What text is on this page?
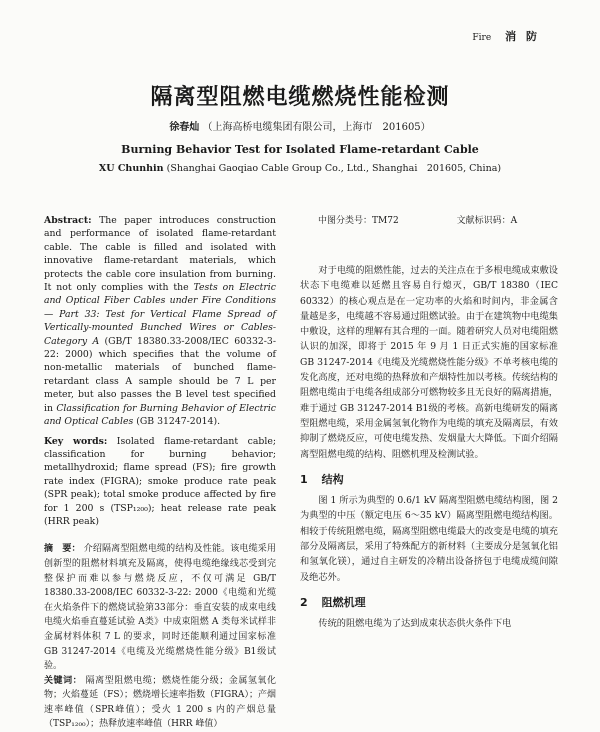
Fire 消 防
隔离型阻燃电缆燃烧性能检测
徐春灿 （上海高桥电缆集团有限公司，上海市　201605）
Burning Behavior Test for Isolated Flame-retardant Cable
XU Chunhin (Shanghai Gaoqiao Cable Group Co., Ltd., Shanghai　201605, China)

Abstract: The paper introduces construction and performance of isolated flame-retardant cable. The cable is filled and isolated with innovative flame-retardant materials, which protects the cable core insulation from burning. It not only complies with the Tests on Electric and Optical Fiber Cables under Fire Conditions — Part 33: Test for Vertical Flame Spread of Vertically-mounted Bunched Wires or Cables- Category A (GB/T 18380.33-2008/IEC 60332-3-22: 2000) which specifies that the volume of non-metallic materials of bunched flame-retardant class A sample should be 7 L per meter, but also passes the B level test specified in Classification for Burning Behavior of Electric and Optical Cables (GB 31247-2014).

Key words: Isolated flame-retardant cable; classification for burning behavior; metallhydroxid; flame spread (FS); fire growth rate index (FIGRA); smoke produce rate peak (SPR peak); total smoke produce affected by fire for 1 200 s (TSP₁₂₀₀); heat release rate peak (HRR peak)

摘　要： 介绍隔离型阻燃电缆的结构及性能。该电缆采用创新型的阻燃材料填充及隔离，使得电缆绝缘线芯受到完整保护而难以参与燃烧反应，不仅可满足 GB/T 18380.33-2008/IEC 60332-3-22: 2000《电缆和光缆在火焰条件下的燃烧试验第33部分：垂直安装的成束电线电缆火焰垂直蔓延试验 A类》中成束阻燃 A 类每米试样非金属材料体积 7 L 的要求，同时还能顺利通过国家标准 GB 31247-2014《电缆及光缆燃烧性能分级》B1级试验。

关键词： 隔离型阻燃电缆；燃烧性能分级；金属氢氧化物；火焰蔓延（FS）；燃烧增长速率指数（FIGRA）；产烟速率峰值（SPR峰值）；受火 1 200 s 内的产烟总量（TSP₁₂₀₀）；热释放速率峰值（HRR 峰值）

中图分类号：TM72	文献标识码：A

对于电缆的阻燃性能，过去的关注点在于多根电缆成束敷设状态下电缆难以延燃且容易自行熄灭，GB/T 18380（IEC 60332）的核心观点是在一定功率的火焰和时间内，非金属含量越是多，电缆越不容易通过阻燃试验。由于在建筑物中电缆集中敷设，这样的理解有其合理的一面。随着研究人员对电缆阻燃认识的加深，即将于 2015 年 9 月 1 日正式实施的国家标准 GB 31247-2014《电缆及光缆燃烧性能分级》不单考核电缆的发化高度，还对电缆的热释放和产烟特性加以考核。传统结构的阻燃电缆由于电缆各组成部分可燃物较多且无良好的隔离措施，难于通过 GB 31247-2014 B1级的考核。高新电缆研发的隔离型阻燃电缆，采用金属氢氧化物作为电缆的填充及隔离层，有效抑制了燃烧反应，可使电缆发热、发烟量大大降低。下面介绍隔离型阻燃电缆的结构、阻燃机理及检测试验。

1 结构

图 1 所示为典型的 0.6/1 kV 隔离型阻燃电缆结构图，图 2 为典型的中压（额定电压 6～35 kV）隔离型阻燃电缆结构图。相较于传统阻燃电缆，隔离型阻燃电缆最大的改变是电缆的填充部分及隔离层，采用了特殊配方的新材料（主要成分是氢氧化铝和氢氧化镁），通过自主研发的冷精出设备挤包于电缆成缆间隙及绝芯外。

2 阻燃机理

传统的阻燃电缆为了达到成束状态供火条件下电
